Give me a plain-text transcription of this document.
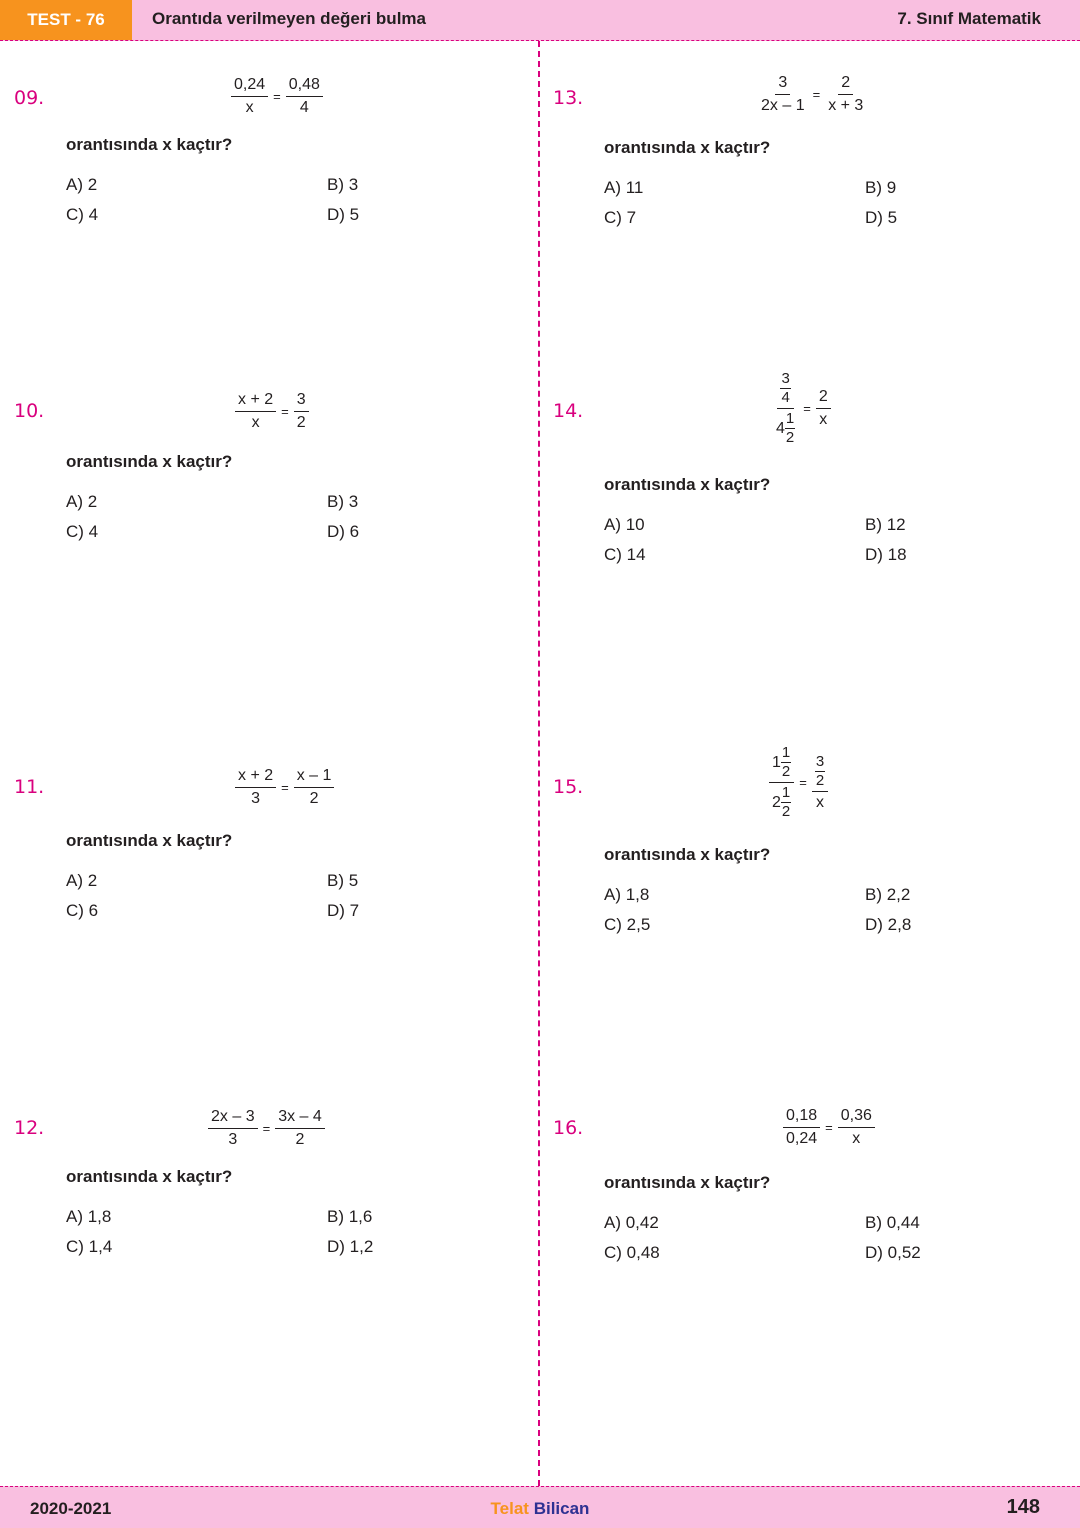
TEST - 76	Orantıda verilmeyen değeri bulma	7. Sınıf Matematik
09.	$\frac{0,24}{x} = \frac{0,48}{4}$
orantısında x kaçtır?
A) 2	B) 3
C) 4	D) 5
10.	$\frac{x + 2}{x} = \frac{3}{2}$
orantısında x kaçtır?
A) 2	B) 3
C) 4	D) 6
11.	$\frac{x + 2}{3} = \frac{x - 1}{2}$
orantısında x kaçtır?
A) 2	B) 5
C) 6	D) 7
12.	$\frac{2x - 3}{3} = \frac{3x - 4}{2}$
orantısında x kaçtır?
A) 1,8	B) 1,6
C) 1,4	D) 1,2
13.	$\frac{3}{2x - 1} = \frac{2}{x + 3}$
orantısında x kaçtır?
A) 11	B) 9
C) 7	D) 5
14.	$\frac{\frac{3}{4}}{4 \frac{1}{2}} = \frac{2}{x}$
orantısında x kaçtır?
A) 10	B) 12
C) 14	D) 18
15.	$\frac{1 \frac{1}{2}}{2 \frac{1}{2}} = \frac{\frac{3}{2}}{x}$
orantısında x kaçtır?
A) 1,8	B) 2,2
C) 2,5	D) 2,8
16.	$\frac{0,18}{0,24} = \frac{0,36}{x}$
orantısında x kaçtır?
A) 0,42	B) 0,44
C) 0,48	D) 0,52
2020-2021	Telat Bilican	148
